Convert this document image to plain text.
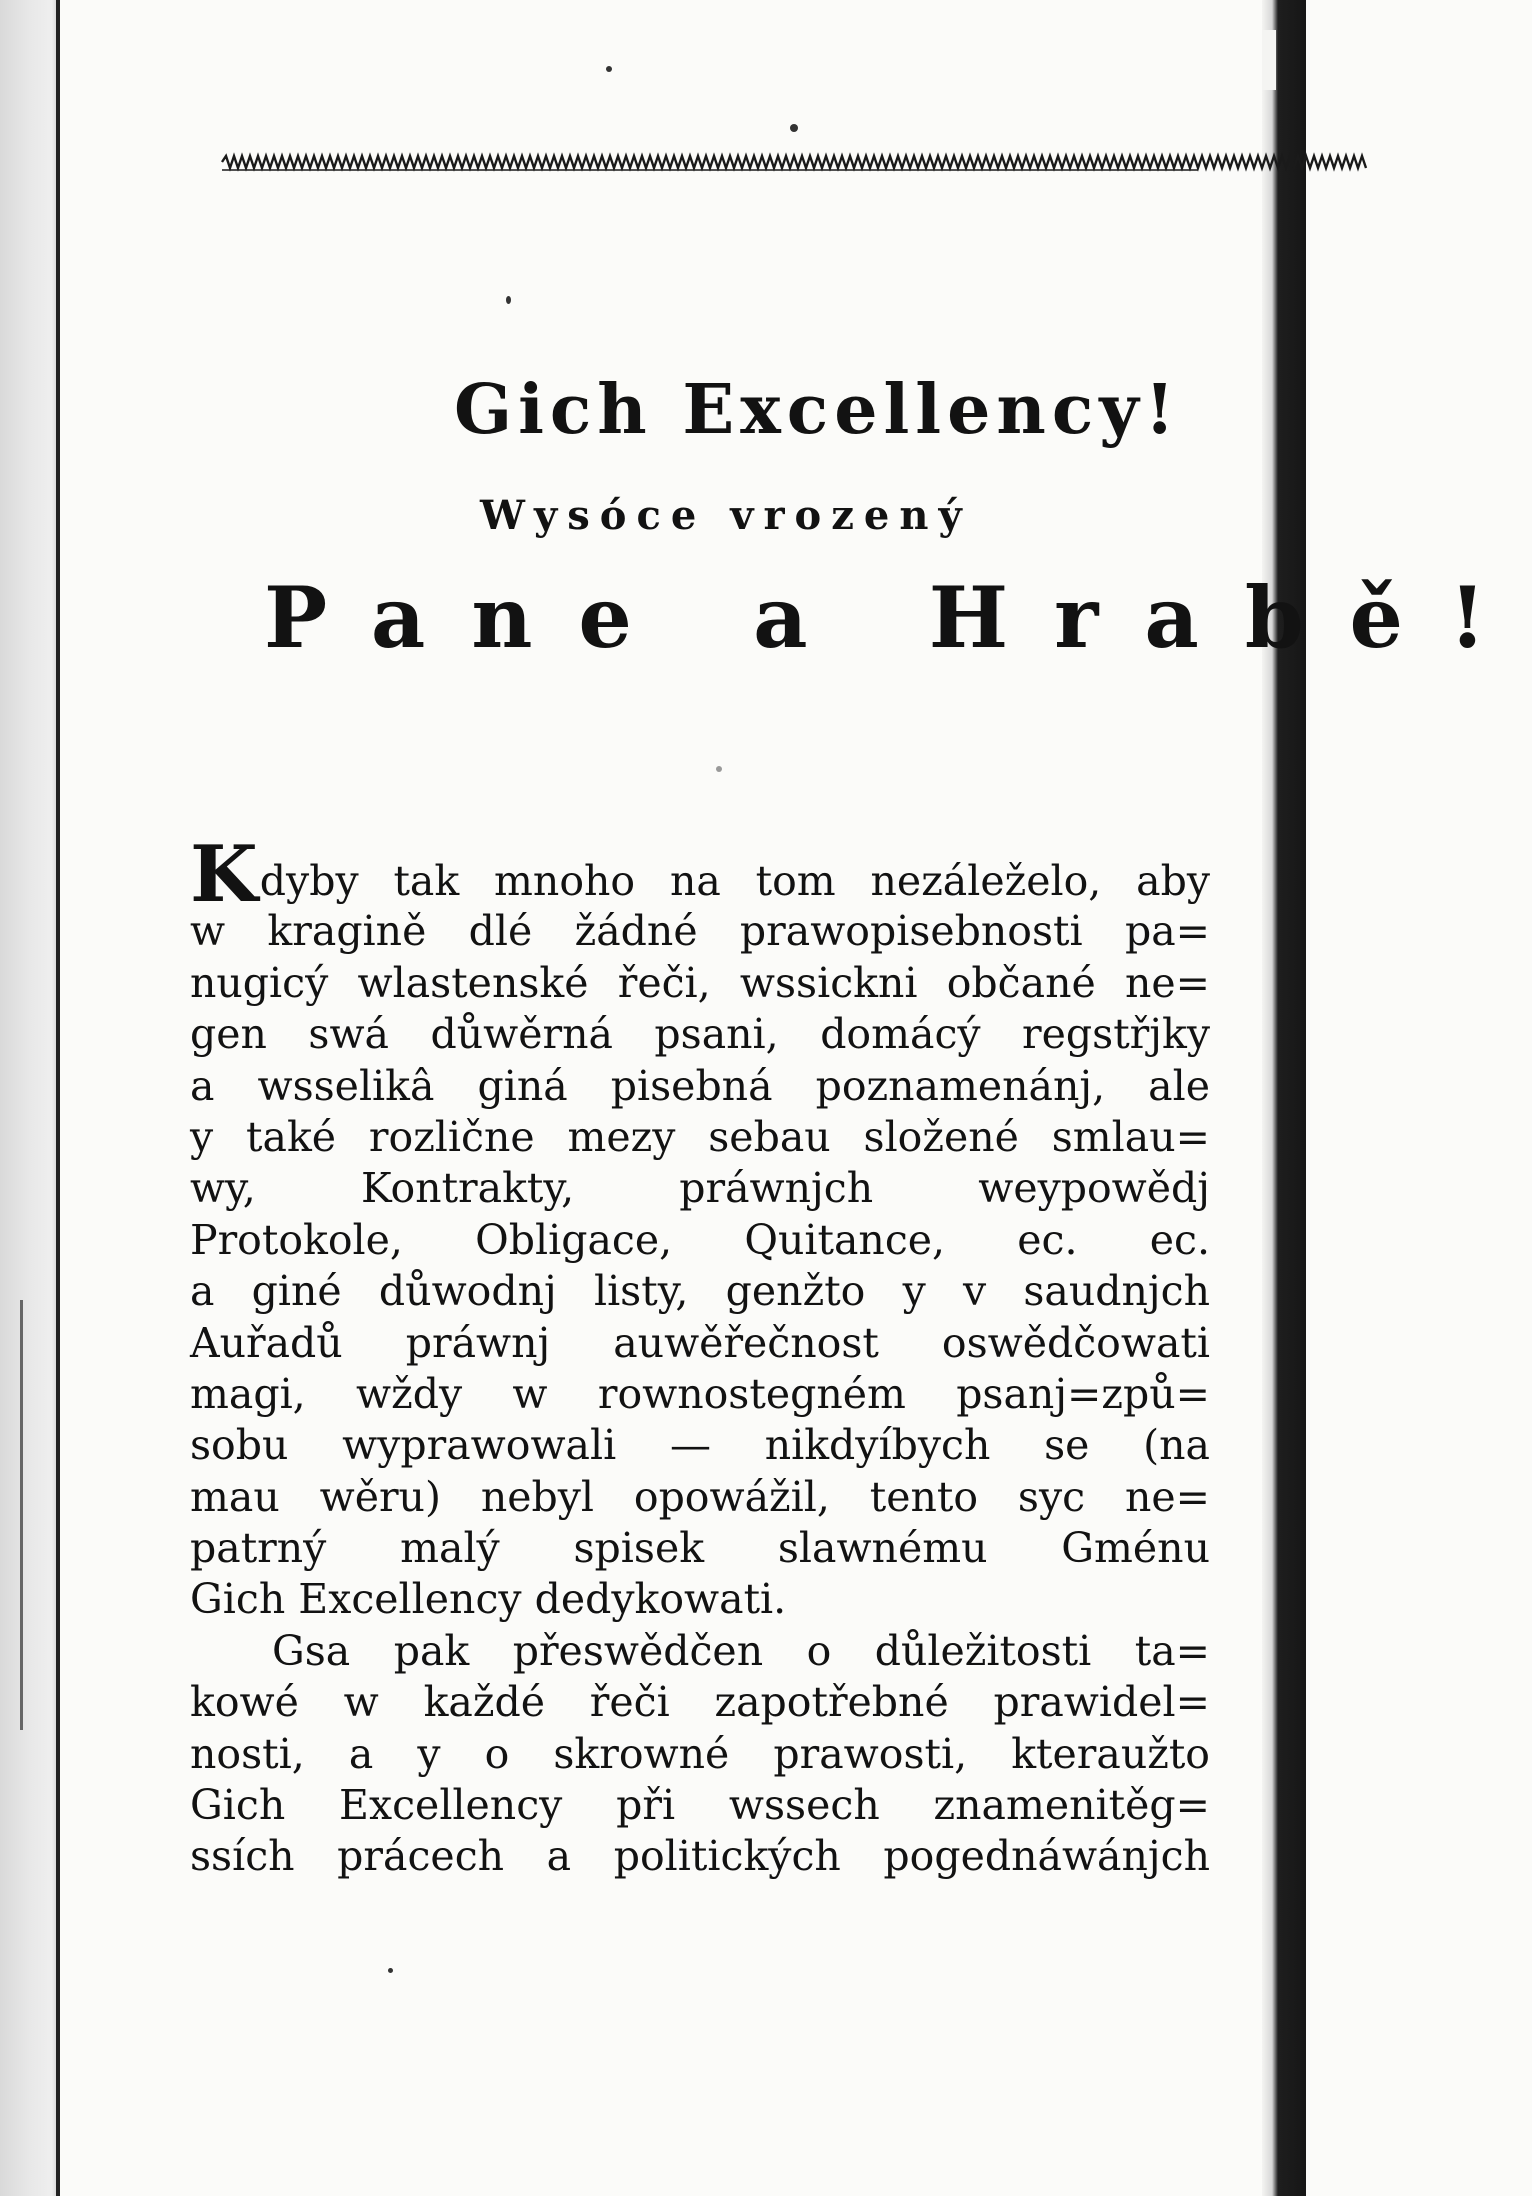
Gich Excellency!
Wysóce vrozený
Pane a Hrabě!
Kdyby tak mnoho na tom nezáleželo, aby
w kragině dlé žádné prawopisebnosti pa=
nugicý wlastenské řeči, wssickni občané ne=
gen swá důwěrná psani, domácý regstřjky
a wsselikâ giná pisebná poznamenánj, ale
y také rozlične mezy sebau složené smlau=
wy, Kontrakty, práwnjch weypowědj
Protokole, Obligace, Quitance, ec. ec.
a giné důwodnj listy, genžto y v saudnjch
Auřadů práwnj auwěřečnost oswědčowati
magi, wždy w rownostegném psanj=způ=
sobu wyprawowali — nikdyíbych se (na
mau wěru) nebyl opowážil, tento syc ne=
patrný malý spisek slawnému Gménu
Gich Excellency dedykowati.
Gsa pak přeswědčen o důležitosti ta=
kowé w každé řeči zapotřebné prawidel=
nosti, a y o skrowné prawosti, kteraužto
Gich Excellency při wssech znamenitěg=
ssích prácech a politických pogednáwánjch
